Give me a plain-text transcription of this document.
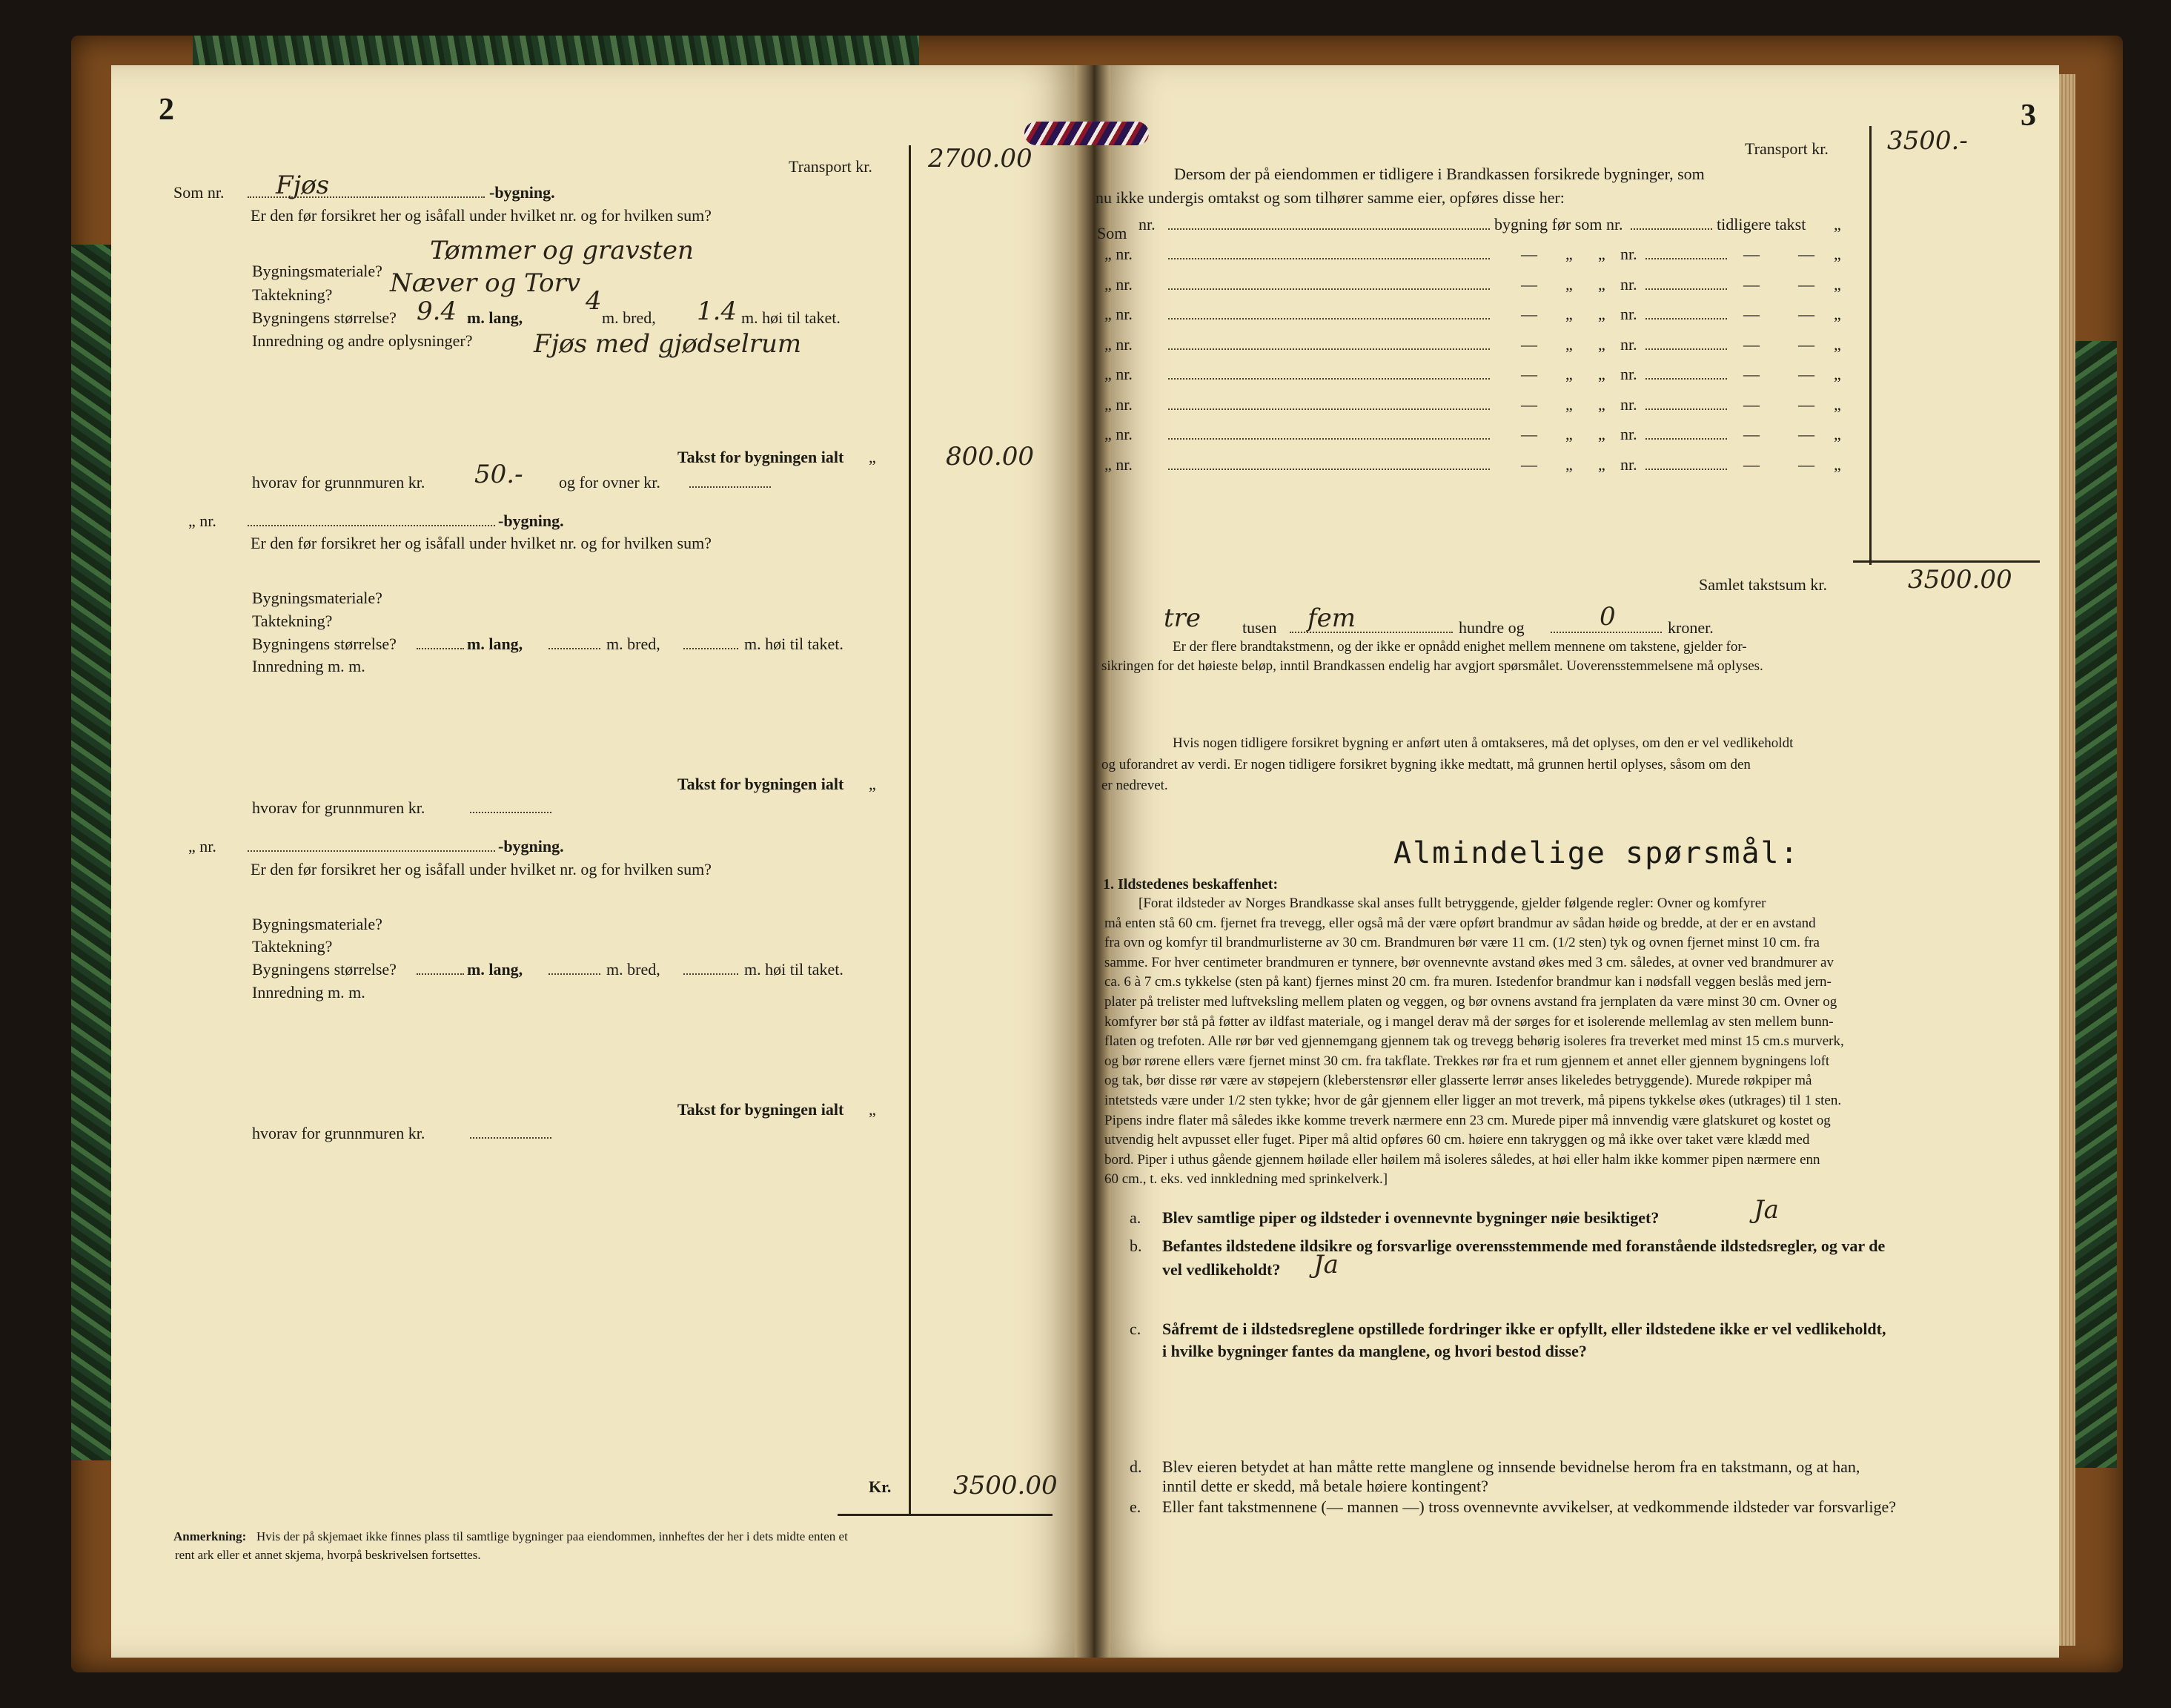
2
Transport kr. 2700.00
Som nr. Fjøs	-bygning.
Er den før forsikret her og isåfall under hvilket nr. og for hvilken sum?
Bygningsmateriale?
Tømmer og gravsten
Taktekning? Næver og Torv
Bygningens størrelse? 9.4 m. lang,
4
m. bred, 1.4 m. høi til taket.
Innredning og andre oplysninger? Fjøs med gjødselrum
Takst for bygningen ialt „	800.00
hvorav for grunnmuren kr. 50.- og for ovner kr.
„ nr.	-bygning.
Er den før forsikret her og isåfall under hvilket nr. og for hvilken sum?
Bygningsmateriale?
Taktekning?
Bygningens størrelse?	m. lang,	m. bred,	m. høi til taket.
Innredning m. m.
Takst for bygningen ialt „
hvorav for grunnmuren kr.
„ nr.	-bygning.
Er den før forsikret her og isåfall under hvilket nr. og for hvilken sum?
Bygningsmateriale?
Taktekning?
Bygningens størrelse?	m. lang,	m. bred,	m. høi til taket.
Innredning m. m.
Takst for bygningen ialt „
hvorav for grunnmuren kr.
Kr. 3500.00
Anmerkning: Hvis der på skjemaet ikke finnes plass til samtlige bygninger paa eiendommen, innheftes der her i dets midte enten et
rent ark eller et annet skjema, hvorpå beskrivelsen fortsettes.
3
Transport kr. 3500.-
Dersom der på eiendommen er tidligere i Brandkassen forsikrede bygninger, som
nu ikke undergis omtakst og som tilhører samme eier, opføres disse her:
Som nr.	bygning før som nr.	tidligere takst „
„ nr.	— „ „ nr.	— — „
„ nr.	— „ „ nr.	— — „
„ nr.	— „ „ nr.	— — „
„ nr.	— „ „ nr.	— — „
„ nr.	— „ „ nr.	— — „
„ nr.	— „ „ nr.	— — „
„ nr.	— „ „ nr.	— — „
„ nr.	— „ „ nr.	— — „
Samlet takstsum kr.	3500.00
tre	tusen fem	hundre og	0	kroner.
Er der flere brandtakstmenn, og der ikke er opnådd enighet mellem mennene om takstene, gjelder for-
sikringen for det høieste beløp, inntil Brandkassen endelig har avgjort spørsmålet. Uoverensstemmelsene må oplyses.
Hvis nogen tidligere forsikret bygning er anført uten å omtakseres, må det oplyses, om den er vel vedlikeholdt
og uforandret av verdi. Er nogen tidligere forsikret bygning ikke medtatt, må grunnen hertil oplyses, såsom om den
er nedrevet.
Almindelige spørsmål:
1. Ildstedenes beskaffenhet:
[Forat ildsteder av Norges Brandkasse skal anses fullt betryggende, gjelder følgende regler: Ovner og komfyrer
må enten stå 60 cm. fjernet fra trevegg, eller også må der være opført brandmur av sådan høide og bredde, at der er en avstand
fra ovn og komfyr til brandmurlisterne av 30 cm. Brandmuren bør være 11 cm. (1/2 sten) tyk og ovnen fjernet minst 10 cm. fra
samme. For hver centimeter brandmuren er tynnere, bør ovennevnte avstand økes med 3 cm. således, at ovner ved brandmurer av
ca. 6 à 7 cm.s tykkelse (sten på kant) fjernes minst 20 cm. fra muren. Istedenfor brandmur kan i nødsfall veggen beslås med jern-
plater på trelister med luftveksling mellem platen og veggen, og bør ovnens avstand fra jernplaten da være minst 30 cm. Ovner og
komfyrer bør stå på føtter av ildfast materiale, og i mangel derav må der sørges for et isolerende mellemlag av sten mellem bunn-
flaten og trefoten. Alle rør bør ved gjennemgang gjennem tak og trevegg behørig isoleres fra treverket med minst 15 cm.s murverk,
og bør rørene ellers være fjernet minst 30 cm. fra takflate. Trekkes rør fra et rum gjennem et annet eller gjennem bygningens loft
og tak, bør disse rør være av støpejern (kleberstensrør eller glasserte lerrør anses likeledes betryggende). Murede røkpiper må
intetsteds være under 1/2 sten tykke; hvor de går gjennem eller ligger an mot treverk, må pipens tykkelse økes (utkrages) til 1 sten.
Pipens indre flater må således ikke komme treverk nærmere enn 23 cm. Murede piper må innvendig være glatskuret og kostet og
utvendig helt avpusset eller fuget. Piper må altid opføres 60 cm. høiere enn takryggen og må ikke over taket være klædd med
bord. Piper i uthus gående gjennem høilade eller høilem må isoleres således, at høi eller halm ikke kommer pipen nærmere enn
60 cm., t. eks. ved innkledning med sprinkelverk.]
a. Blev samtlige piper og ildsteder i ovennevnte bygninger nøie besiktiget?	Ja
b. Befantes ildstedene ildsikre og forsvarlige overensstemmende med foranstående ildstedsregler, og var de
vel vedlikeholdt? Ja
c. Såfremt de i ildstedsreglene opstillede fordringer ikke er opfyllt, eller ildstedene ikke er vel vedlikeholdt,
i hvilke bygninger fantes da manglene, og hvori bestod disse?
d. Blev eieren betydet at han måtte rette manglene og innsende bevidnelse herom fra en takstmann, og at han,
inntil dette er skedd, må betale høiere kontingent?
e. Eller fant takstmennene (— mannen —) tross ovennevnte avvikelser, at vedkommende ildsteder var forsvarlige?
